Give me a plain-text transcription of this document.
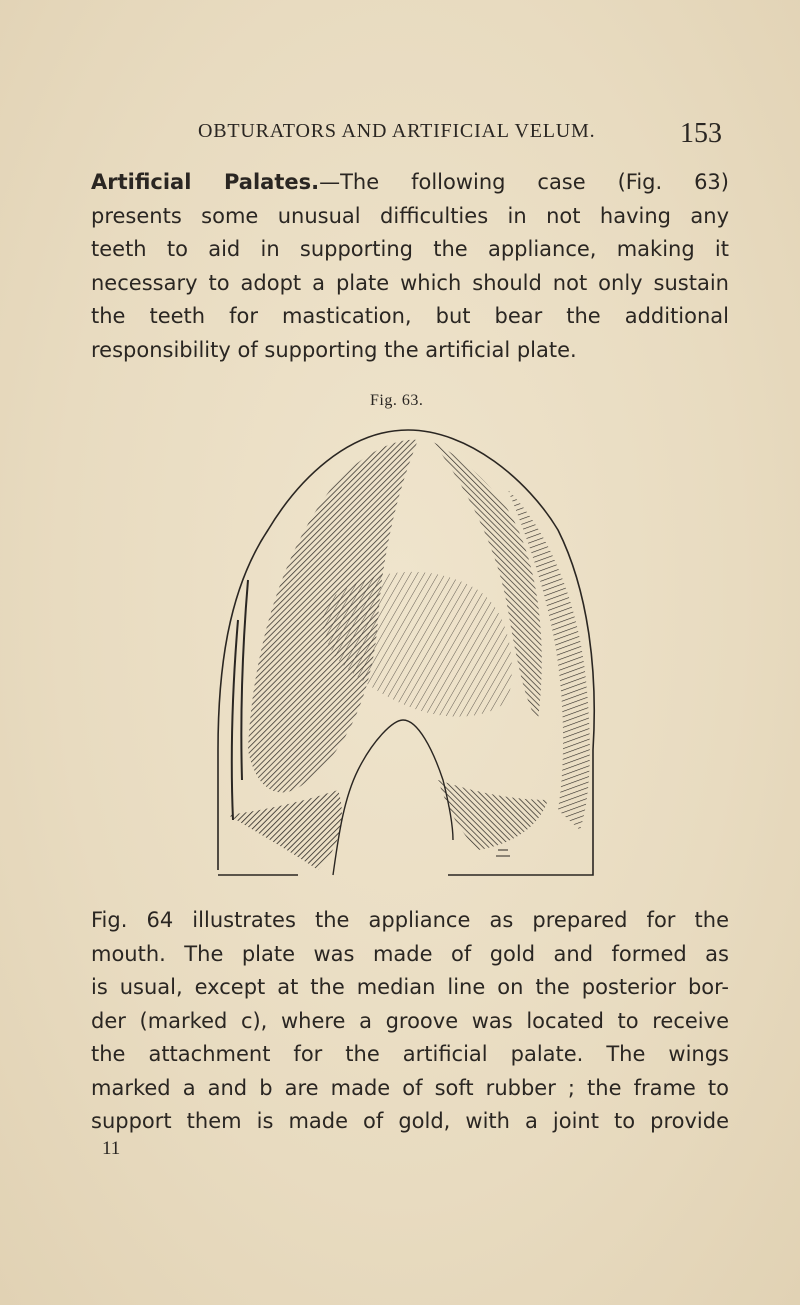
OBTURATORS AND ARTIFICIAL VELUM.	153
Artificial Palates.—The following case (Fig. 63)
presents some unusual difficulties in not having any
teeth to aid in supporting the appliance, making it
necessary to adopt a plate which should not only sustain
the teeth for mastication, but bear the additional
responsibility of supporting the artificial plate.
Fig. 63.
Fig. 64 illustrates the appliance as prepared for the
mouth. The plate was made of gold and formed as
is usual, except at the median line on the posterior bor-
der (marked c), where a groove was located to receive
the attachment for the artificial palate. The wings
marked a and b are made of soft rubber ; the frame to
support them is made of gold, with a joint to provide
11
